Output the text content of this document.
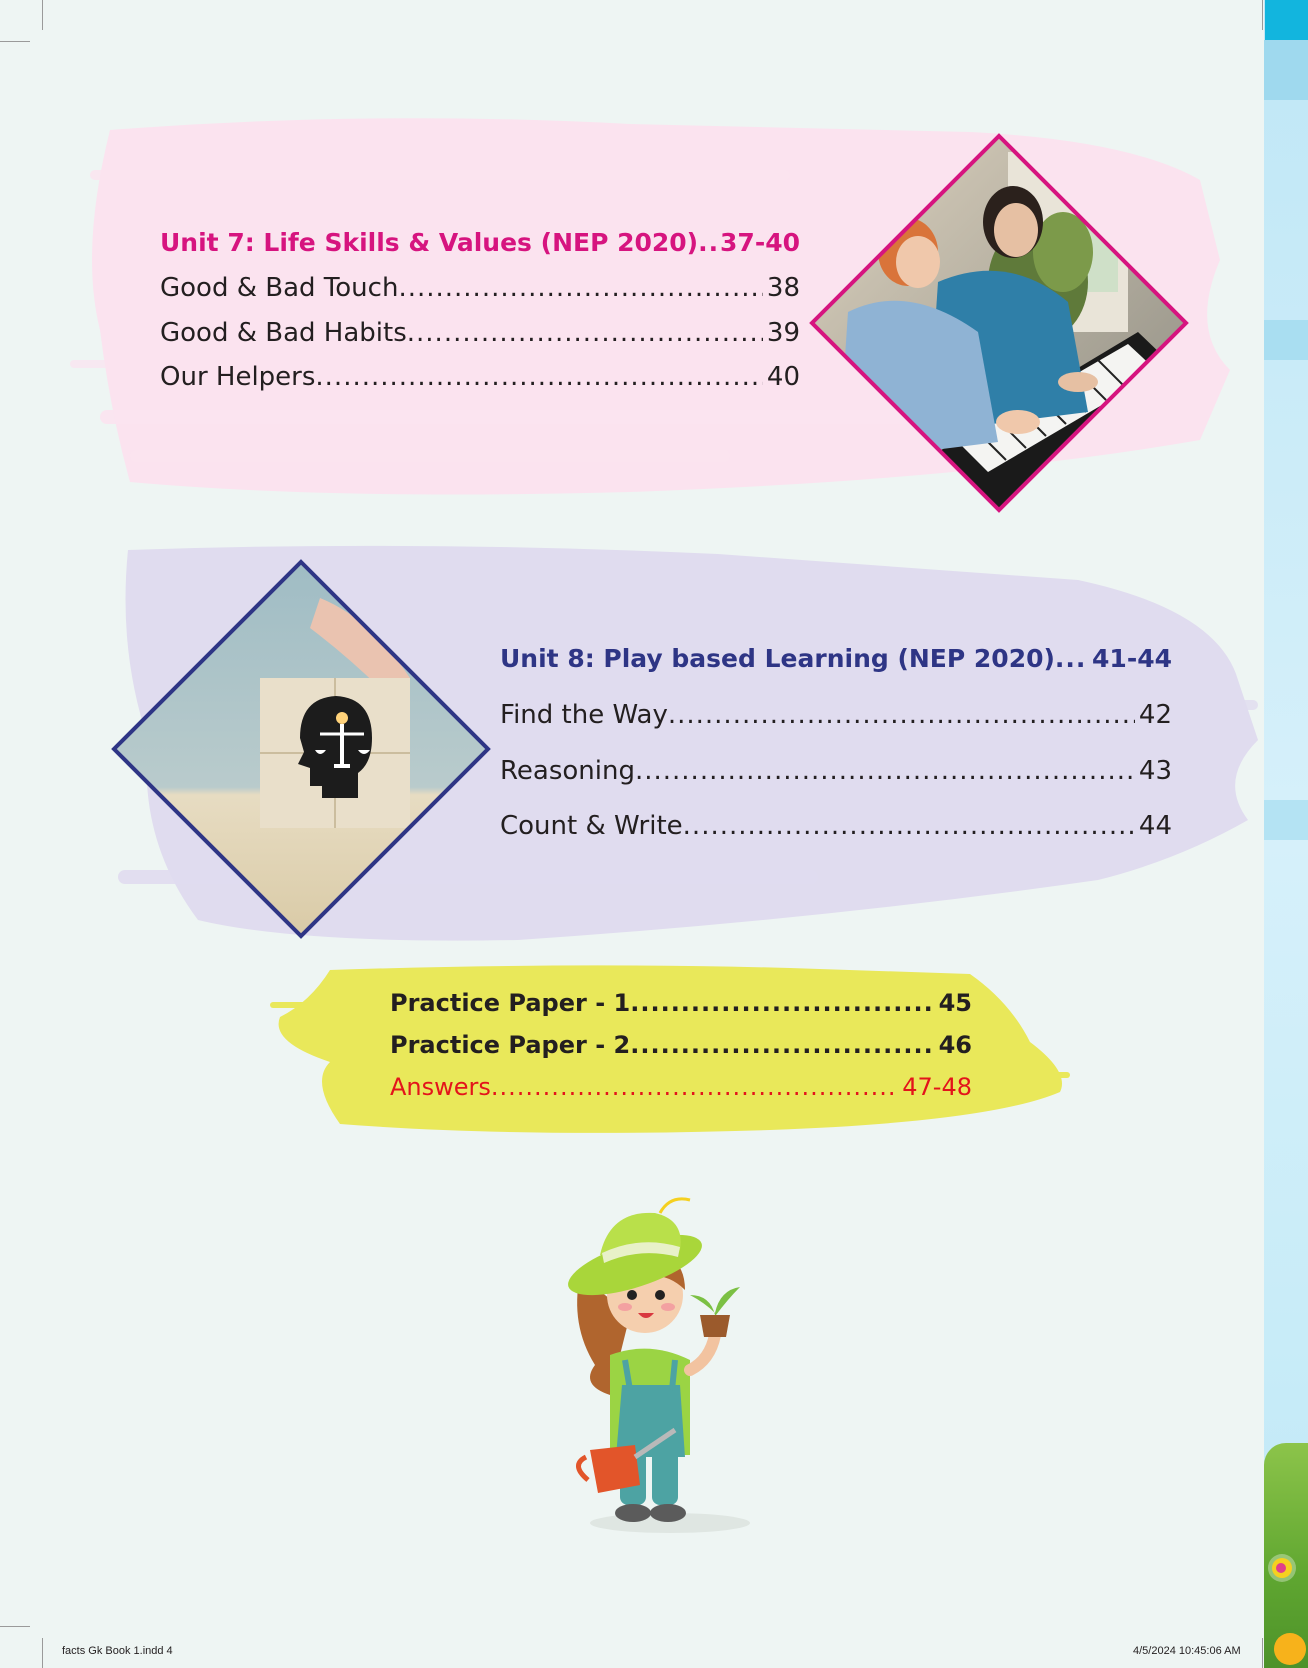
Unit 7: Life Skills & Values (NEP 2020) ..... 37-40
Good & Bad Touch .....	38
Good & Bad Habits .....	39
Our Helpers .....	40
Unit 8: Play based Learning (NEP 2020) ..... 41-44
Find the Way .....	42
Reasoning .....	43
Count & Write .....	44
Practice Paper - 1 .....	45
Practice Paper - 2 .....	46
Answers .....	47-48
facts Gk Book 1.indd 4	4/5/2024 10:45:06 AM
